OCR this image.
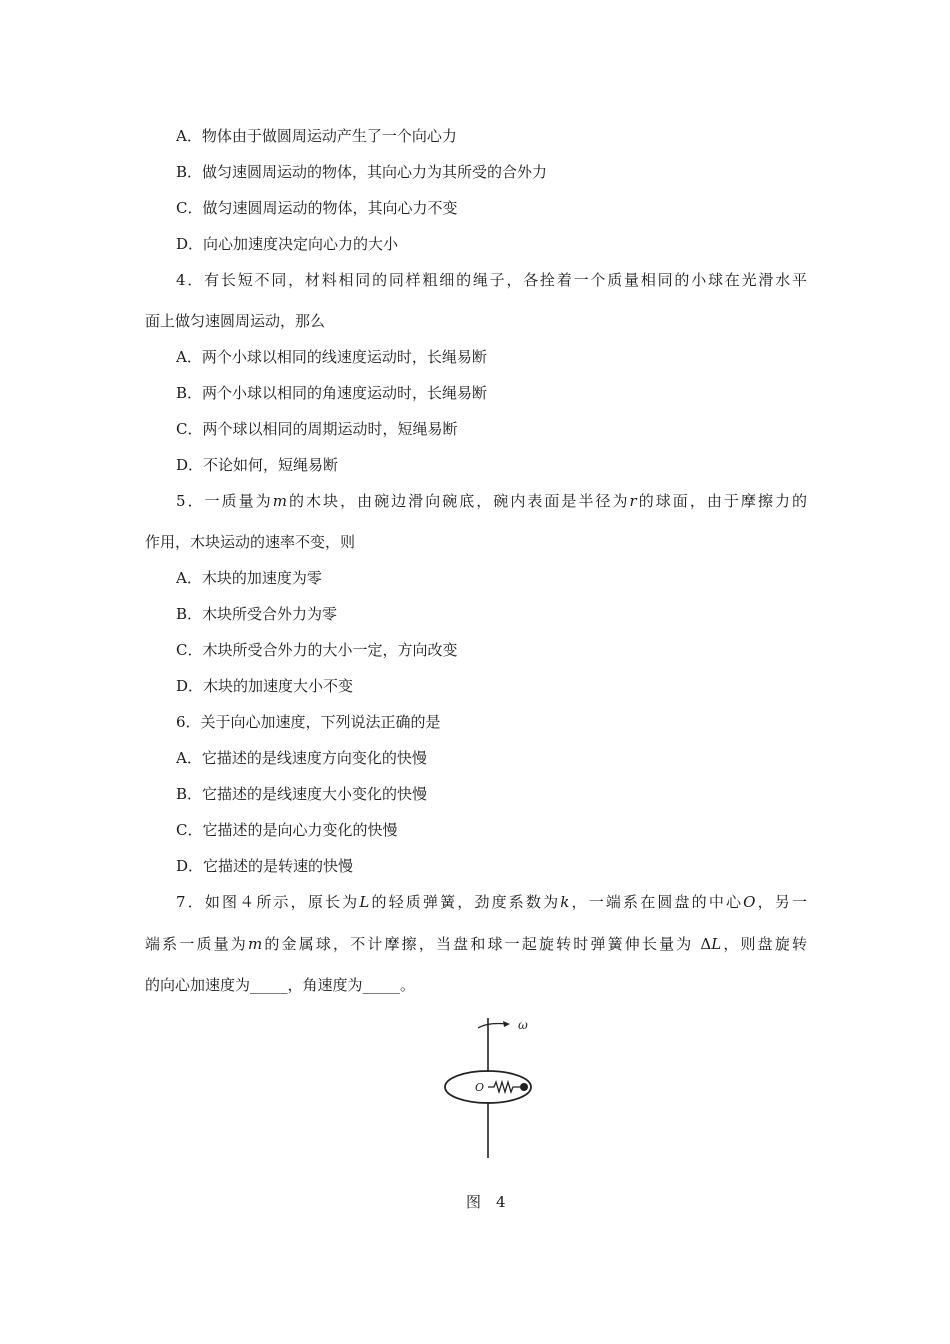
A．物体由于做圆周运动产生了一个向心力
B．做匀速圆周运动的物体，其向心力为其所受的合外力
C．做匀速圆周运动的物体，其向心力不变
D．向心加速度决定向心力的大小
4．有长短不同，材料相同的同样粗细的绳子，各拴着一个质量相同的小球在光滑水平
面上做匀速圆周运动，那么
A．两个小球以相同的线速度运动时，长绳易断
B．两个小球以相同的角速度运动时，长绳易断
C．两个球以相同的周期运动时，短绳易断
D．不论如何，短绳易断
5．一质量为m的木块，由碗边滑向碗底，碗内表面是半径为r的球面，由于摩擦力的
作用，木块运动的速率不变，则
A．木块的加速度为零
B．木块所受合外力为零
C．木块所受合外力的大小一定，方向改变
D．木块的加速度大小不变
6．关于向心加速度，下列说法正确的是
A．它描述的是线速度方向变化的快慢
B．它描述的是线速度大小变化的快慢
C．它描述的是向心力变化的快慢
D．它描述的是转速的快慢
7．如图４所示，原长为L的轻质弹簧，劲度系数为k，一端系在圆盘的中心O，另一
端系一质量为m的金属球，不计摩擦，当盘和球一起旋转时弹簧伸长量为 ΔL，则盘旋转
的向心加速度为_____，角速度为_____。
ω
O
图　4
